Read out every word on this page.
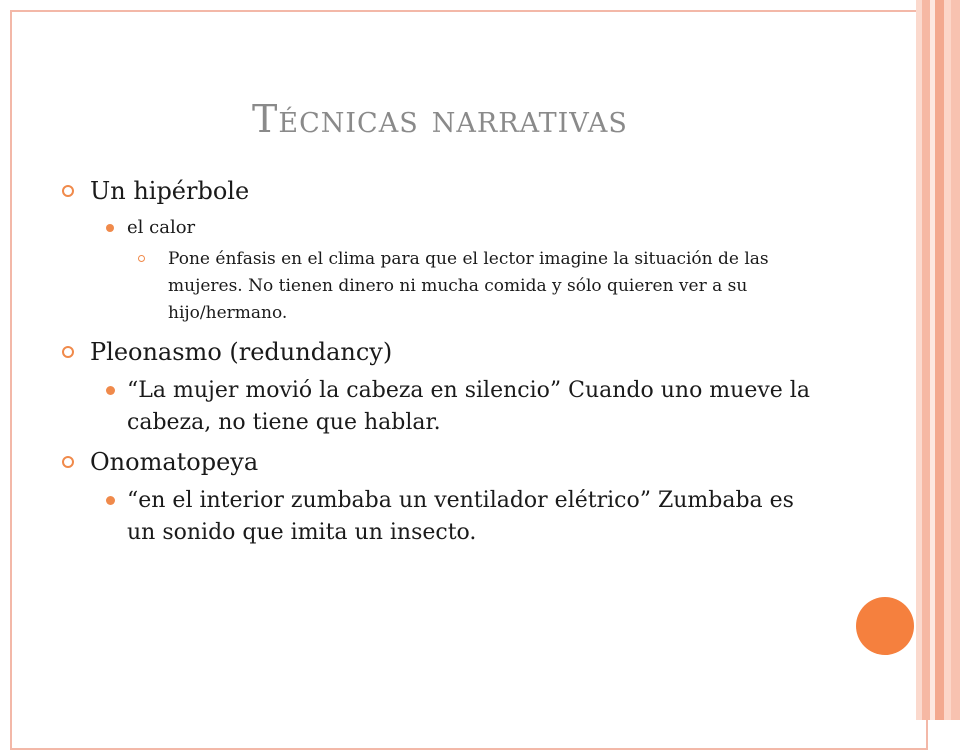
Técnicas narrativas
Un hipérbole
el calor
Pone énfasis en el clima para que el lector imagine la situación de las mujeres. No tienen dinero ni mucha comida y sólo quieren ver a su hijo/hermano.
Pleonasmo (redundancy)
“La mujer movió la cabeza en silencio” Cuando uno mueve la cabeza, no tiene que hablar.
Onomatopeya
“en el interior zumbaba un ventilador elétrico” Zumbaba es un sonido que imita un insecto.
